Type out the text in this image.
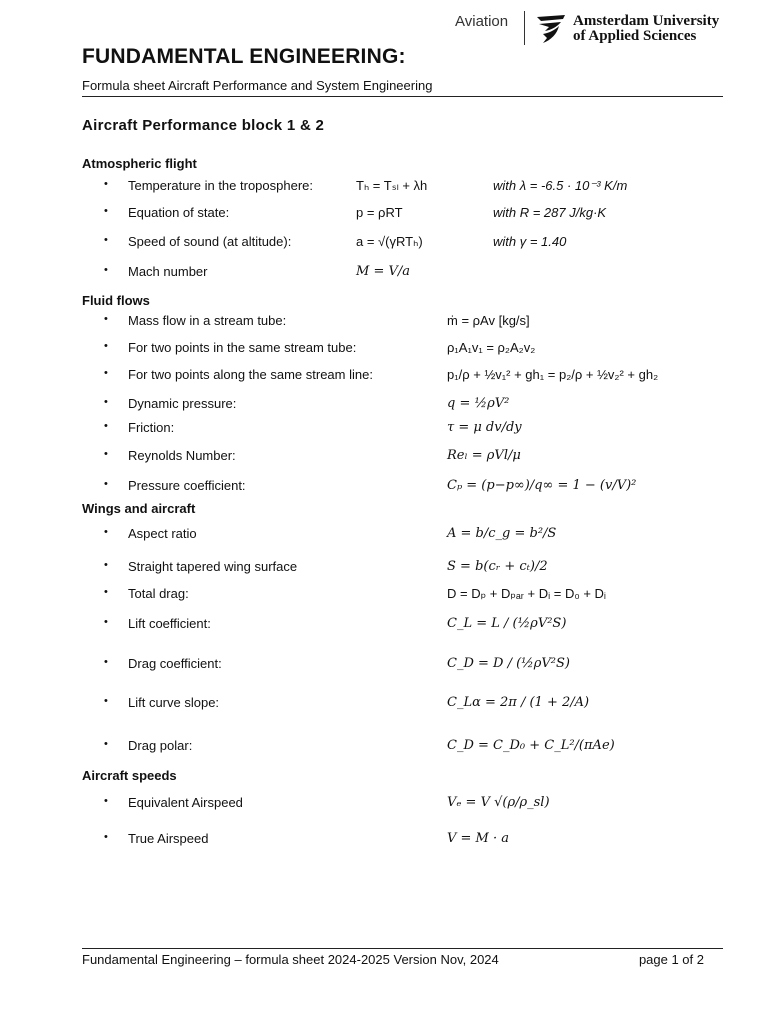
Aviation	Amsterdam University
of Applied Sciences
FUNDAMENTAL ENGINEERING:
Formula sheet Aircraft Performance and System Engineering
Aircraft Performance block 1 & 2
Atmospheric flight
• Temperature in the troposphere:	Tₕ = Tₛₗ + λh	with λ = -6.5 · 10⁻³ K/m
• Equation of state:	p = ρRT	with R = 287 J/kg·K
• Speed of sound (at altitude):	a = √(γRTₕ)	with γ = 1.40
• Mach number	M = V/a
Fluid flows
• Mass flow in a stream tube:	ṁ = ρAv [kg/s]
• For two points in the same stream tube:	ρ₁A₁v₁ = ρ₂A₂v₂
• For two points along the same stream line:	p₁/ρ + ½v₁² + gh₁ = p₂/ρ + ½v₂² + gh₂
• Dynamic pressure:	q = ½ρV²
• Friction:	τ = μ dv/dy
• Reynolds Number:	Reₗ = ρVl/μ
• Pressure coefficient:	Cₚ = (p−p∞)/q∞ = 1 − (v/V)²
Wings and aircraft
• Aspect ratio	A = b/c_g = b²/S
• Straight tapered wing surface	S = b(cᵣ + cₜ)/2
• Total drag:	D = Dₚ + Dₚₐᵣ + Dᵢ = D₀ + Dᵢ
• Lift coefficient:	C_L = L / (½ρV²S)
• Drag coefficient:	C_D = D / (½ρV²S)
• Lift curve slope:	C_Lα = 2π / (1 + 2/A)
• Drag polar:	C_D = C_D₀ + C_L²/(πAe)
Aircraft speeds
• Equivalent Airspeed	Vₑ = V √(ρ/ρ_sl)
• True Airspeed	V = M · a
Fundamental Engineering – formula sheet 2024-2025 Version Nov, 2024	page 1 of 2
